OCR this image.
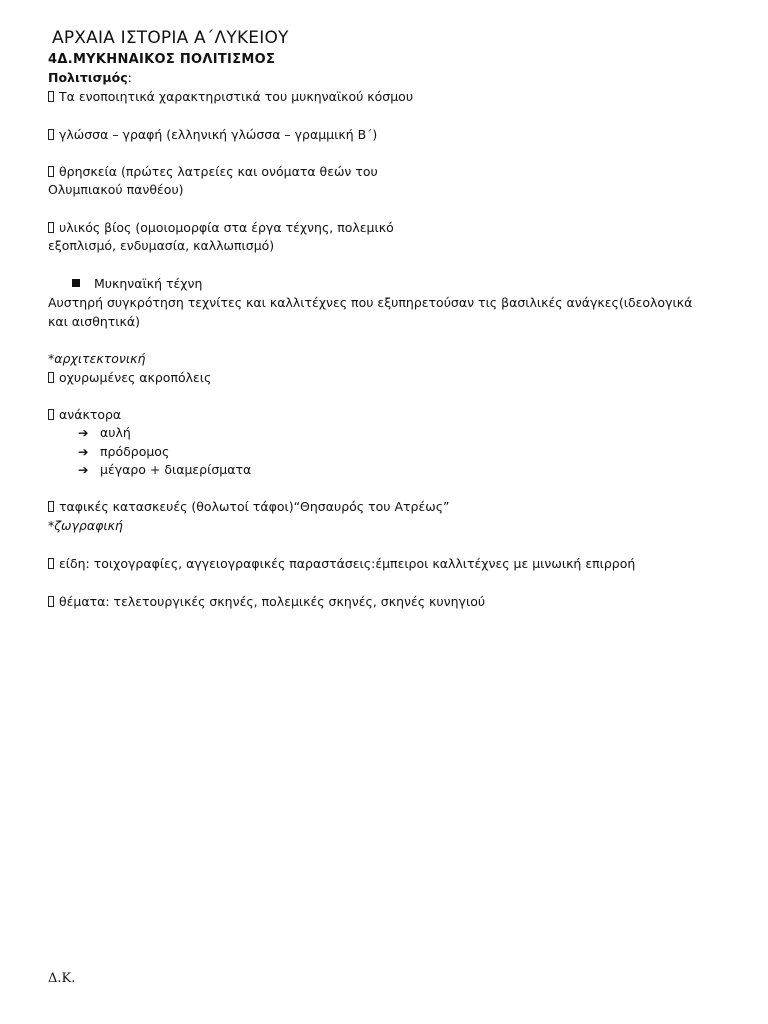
ΑΡΧΑΙΑ ΙΣΤΟΡΙΑ Α΄ΛΥΚΕΙΟΥ
4Δ.ΜΥΚΗΝΑΙΚΟΣ ΠΟΛΙΤΙΣΜΟΣ
Πολιτισμός:
Τα ενοποιητικά χαρακτηριστικά του μυκηναϊκού κόσμου
γλώσσα – γραφή (ελληνική γλώσσα – γραμμική Β΄)
θρησκεία (πρώτες λατρείες και ονόματα θεών του
Ολυμπιακού πανθέου)
υλικός βίος (ομοιομορφία στα έργα τέχνης, πολεμικό
εξοπλισμό, ενδυμασία, καλλωπισμό)
Μυκηναϊκή τέχνη
Αυστηρή συγκρότηση τεχνίτες και καλλιτέχνες που εξυπηρετούσαν τις βασιλικές ανάγκες(ιδεολογικά
και αισθητικά)
*αρχιτεκτονική
οχυρωμένες ακροπόλεις
ανάκτορα
➔ αυλή
➔ πρόδρομος
➔ μέγαρο + διαμερίσματα
ταφικές κατασκευές (θολωτοί τάφοι)“Θησαυρός του Ατρέως”
*ζωγραφική
είδη: τοιχογραφίες, αγγειογραφικές παραστάσεις:έμπειροι καλλιτέχνες με μινωική επιρροή
θέματα: τελετουργικές σκηνές, πολεμικές σκηνές, σκηνές κυνηγιού
Δ.Κ.
